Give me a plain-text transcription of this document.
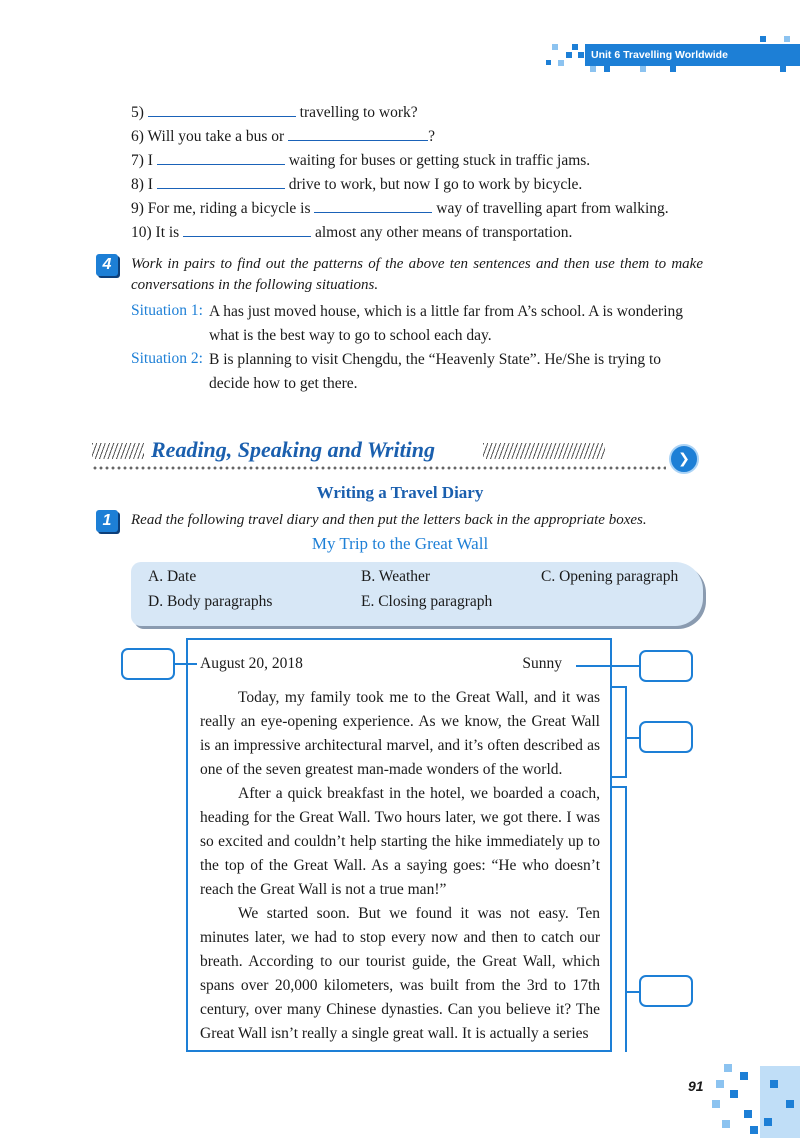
Unit 6 Travelling Worldwide
5)	travelling to work?
6) Will you take a bus or	?
7) I	waiting for buses or getting stuck in traffic jams.
8) I	drive to work, but now I go to work by bicycle.
9) For me, riding a bicycle is	way of travelling apart from walking.
10) It is	almost any other means of transportation.
4	Work in pairs to find out the patterns of the above ten sentences and then use them to make conversations in the following situations.
Situation 1: A has just moved house, which is a little far from A’s school. A is wondering what is the best way to go to school each day.
Situation 2: B is planning to visit Chengdu, the “Heavenly State”. He/She is trying to decide how to get there.
Reading, Speaking and Writing	❯
Writing a Travel Diary
1	Read the following travel diary and then put the letters back in the appropriate boxes.
My Trip to the Great Wall
A. Date	B. Weather	C. Opening paragraph
D. Body paragraphs	E. Closing paragraph
August 20, 2018	Sunny

Today, my family took me to the Great Wall, and it was really an eye-opening experience. As we know, the Great Wall is an impressive architectural marvel, and it’s often described as one of the seven greatest man-made wonders of the world.

After a quick breakfast in the hotel, we boarded a coach, heading for the Great Wall. Two hours later, we got there. I was so excited and couldn’t help starting the hike immediately up to the top of the Great Wall. As a saying goes: “He who doesn’t reach the Great Wall is not a true man!”

We started soon. But we found it was not easy. Ten minutes later, we had to stop every now and then to catch our breath. According to our tourist guide, the Great Wall, which spans over 20,000 kilometers, was built from the 3rd to 17th century, over many Chinese dynasties. Can you believe it? The Great Wall isn’t really a single great wall. It is actually a series

91
